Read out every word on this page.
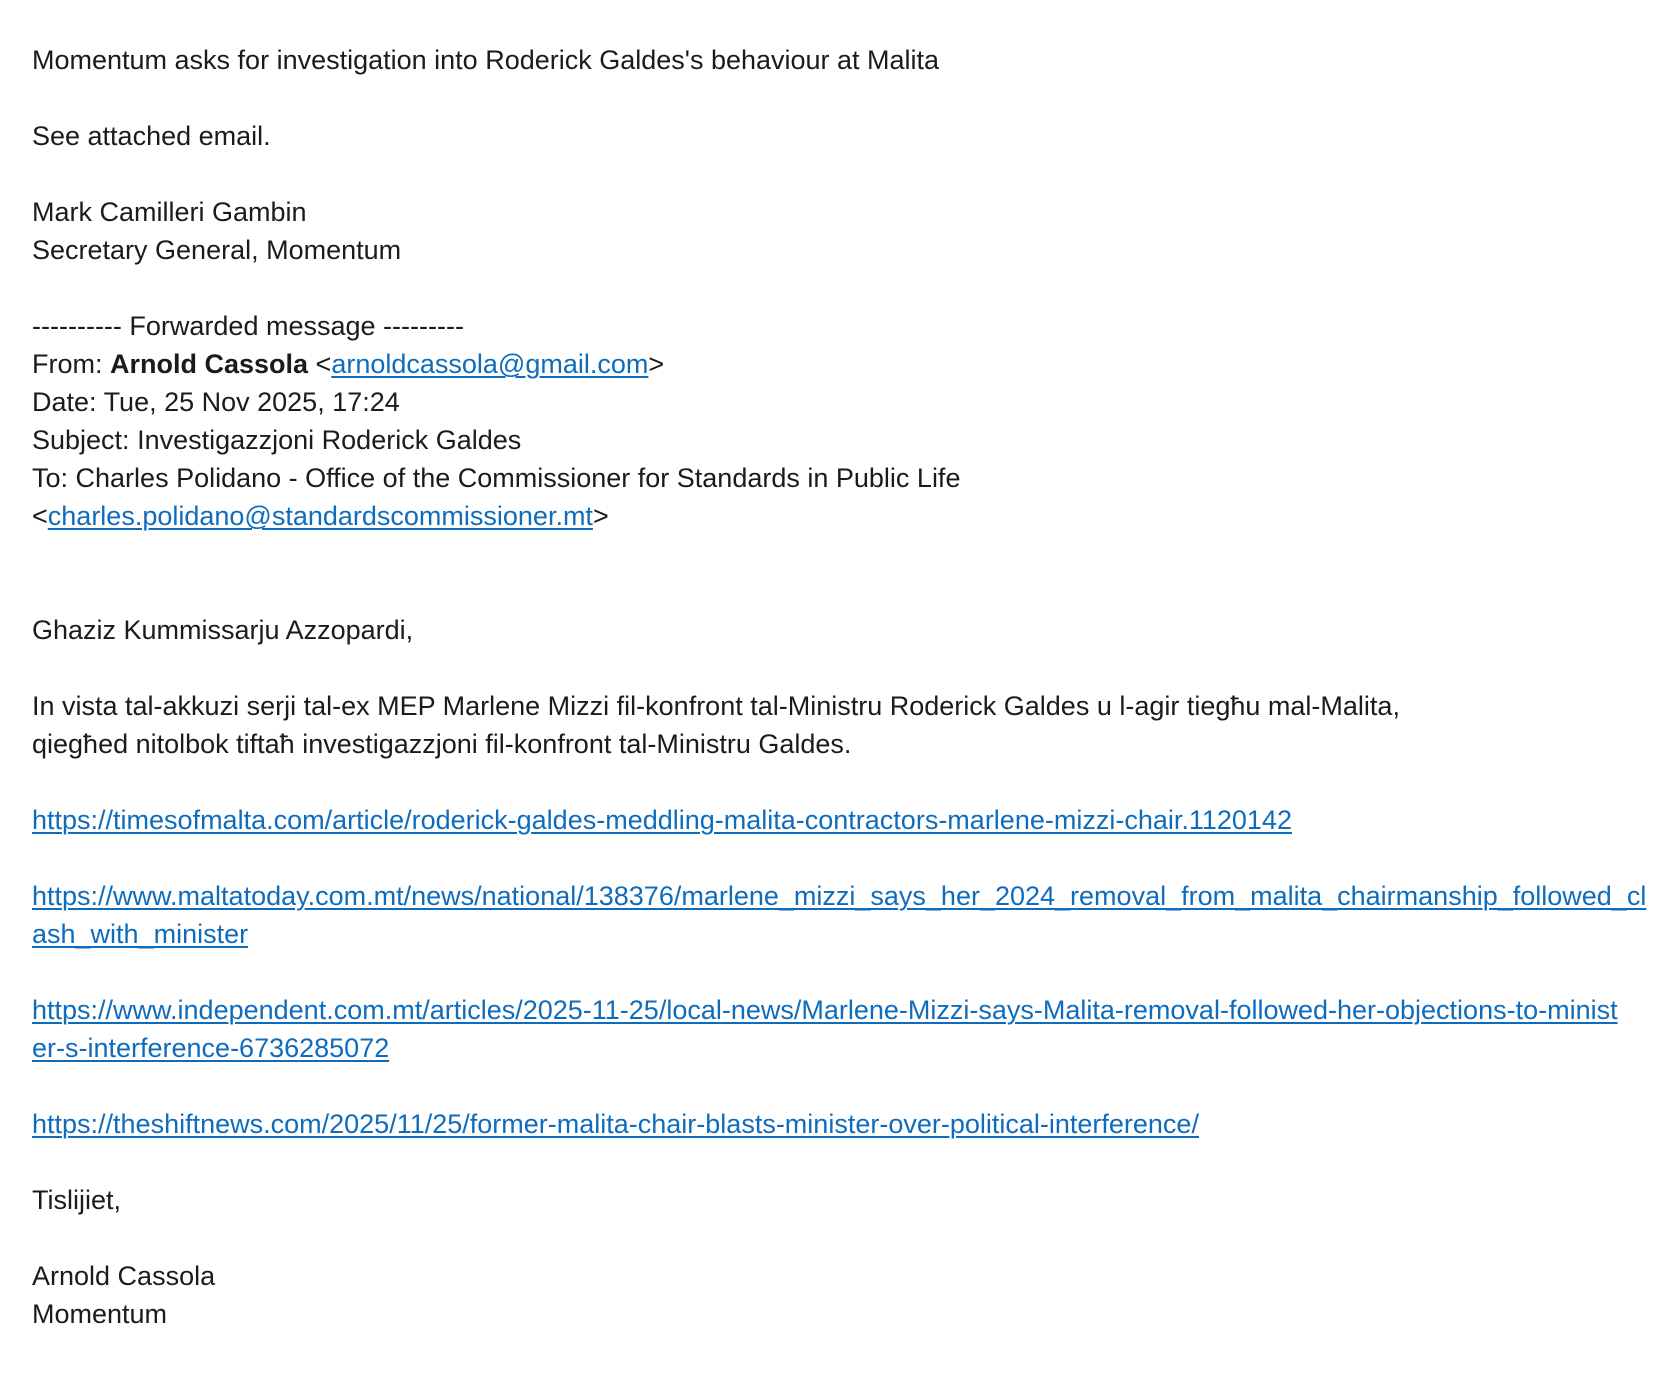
Momentum asks for investigation into Roderick Galdes's behaviour at Malita
See attached email.
Mark Camilleri Gambin
Secretary General, Momentum
---------- Forwarded message ---------
From: Arnold Cassola <arnoldcassola@gmail.com>
Date: Tue, 25 Nov 2025, 17:24
Subject: Investigazzjoni Roderick Galdes
To: Charles Polidano - Office of the Commissioner for Standards in Public Life
<charles.polidano@standardscommissioner.mt>
Ghaziz Kummissarju Azzopardi,
In vista tal-akkuzi serji tal-ex MEP Marlene Mizzi fil-konfront tal-Ministru Roderick Galdes u l-agir tiegħu mal-Malita,
qiegħed nitolbok tiftaħ investigazzjoni fil-konfront tal-Ministru Galdes.
https://timesofmalta.com/article/roderick-galdes-meddling-malita-contractors-marlene-mizzi-chair.1120142
https://www.maltatoday.com.mt/news/national/138376/marlene_mizzi_says_her_2024_removal_from_malita_chairmanship_followed_clash_with_minister
https://www.independent.com.mt/articles/2025-11-25/local-news/Marlene-Mizzi-says-Malita-removal-followed-her-objections-to-minister-s-interference-6736285072
https://theshiftnews.com/2025/11/25/former-malita-chair-blasts-minister-over-political-interference/
Tislijiet,
Arnold Cassola
Momentum
